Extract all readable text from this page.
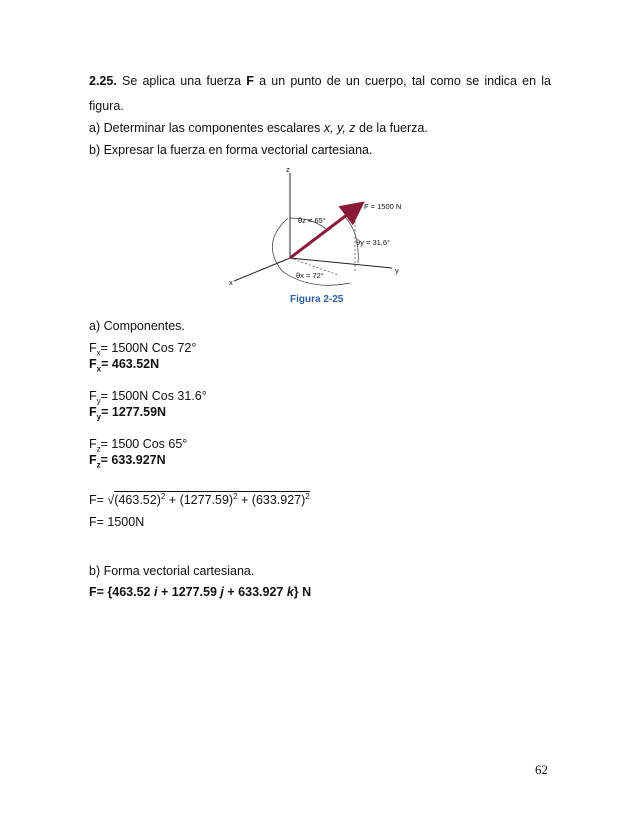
2.25. Se aplica una fuerza F a un punto de un cuerpo, tal como se indica en la
figura.
a) Determinar las componentes escalares x, y, z de la fuerza.
b) Expresar la fuerza en forma vectorial cartesiana.
z
y
x
F = 1500 N
θz = 65°
θy = 31,6°
θx = 72°
Figura 2-25
a) Componentes.
$F_x= 1500N$ Cos 72°
$F_x= 463.52N$
$F_y= 1500N$ Cos 31.6°
$F_y= 1277.59N$
$F_z= 1500$ Cos 65°
$F_z= 633.927N$
$F= √(463.52)^2 + (1277.59)^2 + (633.927)^2$
F= 1500N
b) Forma vectorial cartesiana.
F= {463.52 i + 1277.59 j + 633.927 k} N
62
